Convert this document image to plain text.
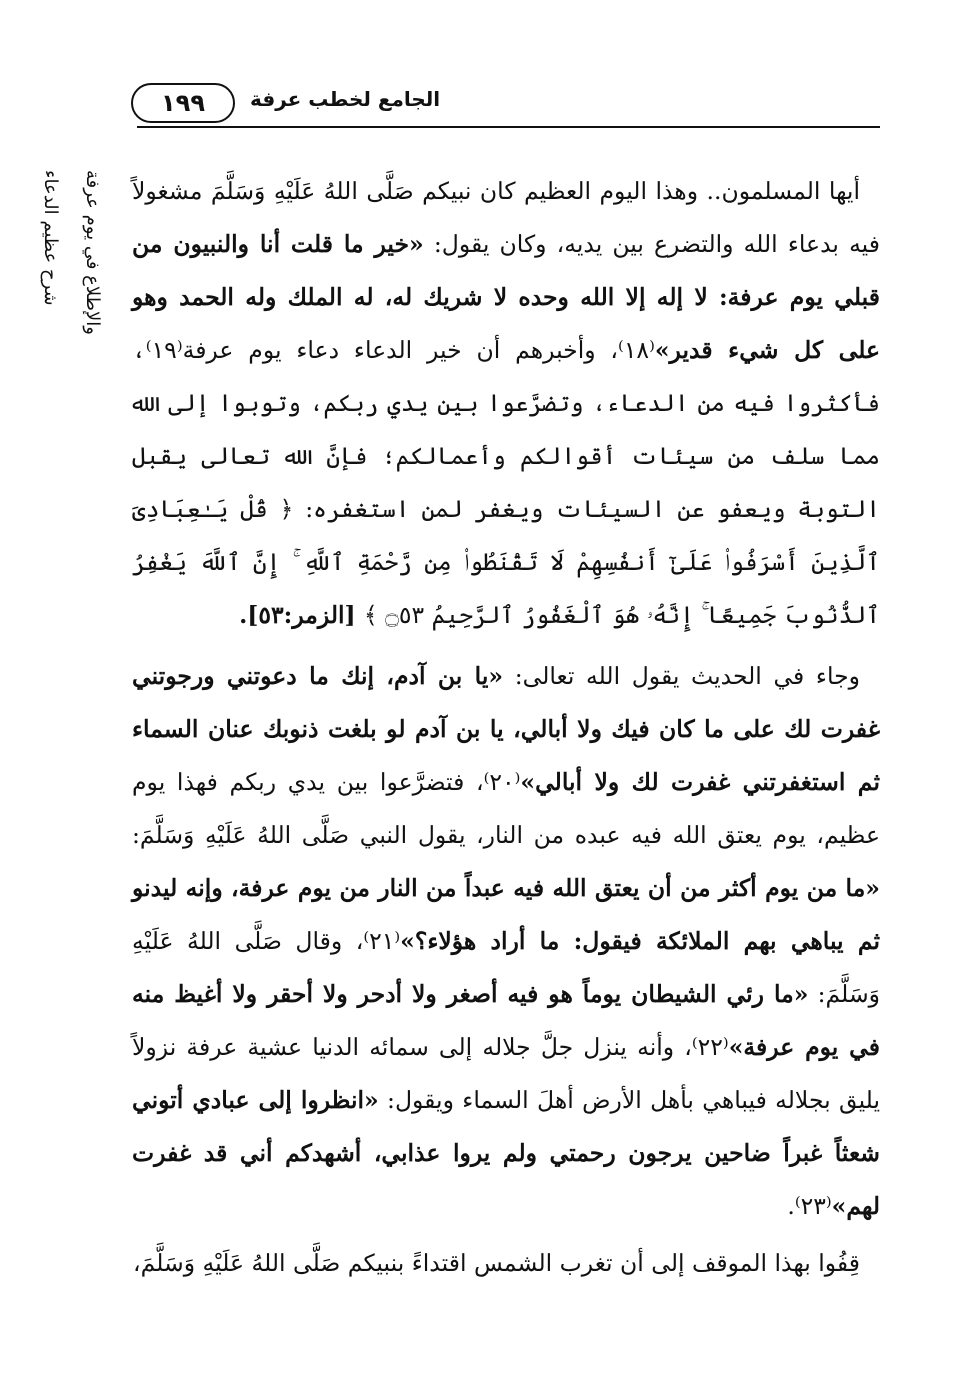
١٩٩	الجامع لخطب عرفة
شرح عظيم الدعاء	والإطلاع في يوم عرفة أيها المسلمون.. وهذا اليوم العظيم كان نبيكم صَلَّى اللهُ عَلَيْهِ وَسَلَّمَ مشغولاً فيه بدعاء الله والتضرع بين يديه، وكان يقول: «خير ما قلت أنا والنبيون من قبلي يوم عرفة: لا إله إلا الله وحده لا شريك له، له الملك وله الحمد وهو على كل شيء قدير»⁽١٨⁾، وأخبرهم أن خير الدعاء دعاء يوم عرفة⁽١٩⁾، فأكثروا فيه من الدعاء، وتضرَّعوا بين يدي ربكم، وتوبوا إلى الله مما سلف من سيئات أقوالكم وأعمالكم؛ فإنَّ الله تعالى يقبل التوبة ويعفو عن السيئات ويغفر لمن استغفره: ﴿ قُلْ يَـٰعِبَادِىَ ٱلَّذِينَ أَسْرَفُوا۟ عَلَىٰٓ أَنفُسِهِمْ لَا تَقْنَطُوا۟ مِن رَّحْمَةِ ٱللَّهِ ۚ إِنَّ ٱللَّهَ يَغْفِرُ ٱلذُّنُوبَ جَمِيعًا ۚ إِنَّهُۥ هُوَ ٱلْغَفُورُ ٱلرَّحِيمُ ۝٥٣ ﴾ [الزمر:٥٣].

وجاء في الحديث يقول الله تعالى: «يا بن آدم، إنك ما دعوتني ورجوتني غفرت لك على ما كان فيك ولا أبالي، يا بن آدم لو بلغت ذنوبك عنان السماء ثم استغفرتني غفرت لك ولا أبالي»⁽٢٠⁾، فتضرَّعوا بين يدي ربكم فهذا يوم عظيم، يوم يعتق الله فيه عبده من النار، يقول النبي صَلَّى اللهُ عَلَيْهِ وَسَلَّمَ: «ما من يوم أكثر من أن يعتق الله فيه عبداً من النار من يوم عرفة، وإنه ليدنو ثم يباهي بهم الملائكة فيقول: ما أراد هؤلاء؟»⁽٢١⁾، وقال صَلَّى اللهُ عَلَيْهِ وَسَلَّمَ: «ما رئي الشيطان يوماً هو فيه أصغر ولا أدحر ولا أحقر ولا أغيظ منه في يوم عرفة»⁽٢٢⁾، وأنه ينزل جلَّ جلاله إلى سمائه الدنيا عشية عرفة نزولاً يليق بجلاله فيباهي بأهل الأرض أهلَ السماء ويقول: «انظروا إلى عبادي أتوني شعثاً غبراً ضاحين يرجون رحمتي ولم يروا عذابي، أشهدكم أني قد غفرت لهم»⁽٢٣⁾.

قِفُوا بهذا الموقف إلى أن تغرب الشمس اقتداءً بنبيكم صَلَّى اللهُ عَلَيْهِ وَسَلَّمَ،
